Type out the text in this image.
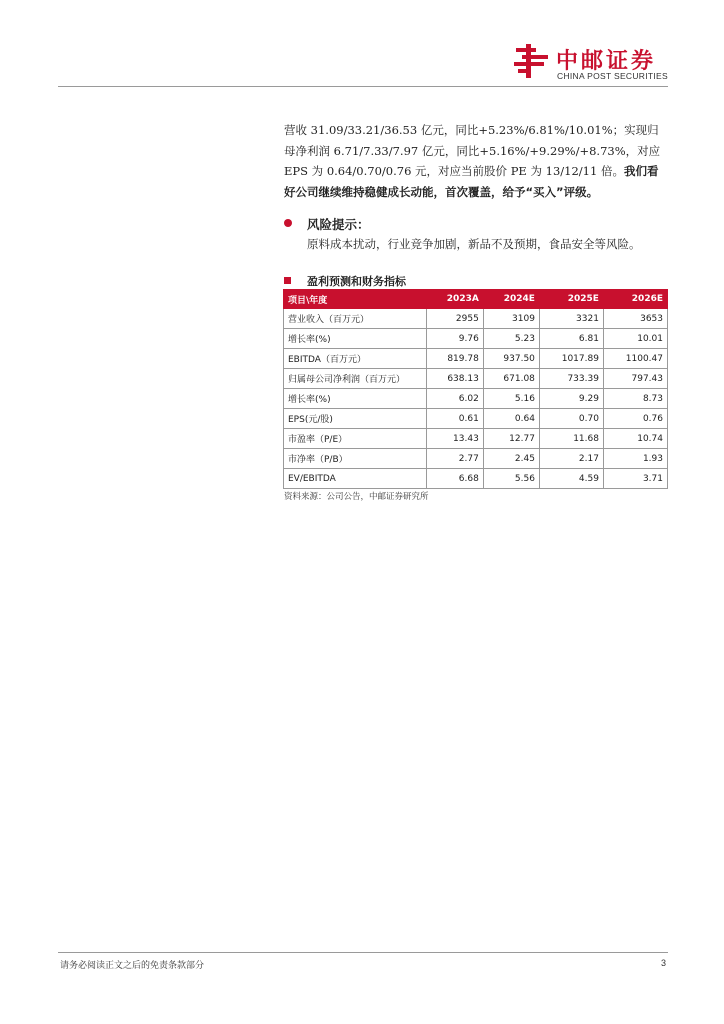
中邮证券
CHINA POST SECURITIES
营收 31.09/33.21/36.53 亿元，同比+5.23%/6.81%/10.01%；实现归
母净利润 6.71/7.33/7.97 亿元，同比+5.16%/+9.29%/+8.73%，对应
EPS 为 0.64/0.70/0.76 元，对应当前股价 PE 为 13/12/11 倍。我们看
好公司继续维持稳健成长动能，首次覆盖，给予“买入”评级。
风险提示：
原料成本扰动，行业竞争加剧，新品不及预期，食品安全等风险。
盈利预测和财务指标
项目\年度	2023A	2024E	2025E	2026E
营业收入（百万元）	2955	3109	3321	3653
增长率(%)	9.76	5.23	6.81	10.01
EBITDA（百万元）	819.78	937.50	1017.89	1100.47
归属母公司净利润（百万元）	638.13	671.08	733.39	797.43
增长率(%)	6.02	5.16	9.29	8.73
EPS(元/股)	0.61	0.64	0.70	0.76
市盈率（P/E）	13.43	12.77	11.68	10.74
市净率（P/B）	2.77	2.45	2.17	1.93
EV/EBITDA	6.68	5.56	4.59	3.71
资料来源：公司公告，中邮证券研究所
请务必阅读正文之后的免责条款部分	3
